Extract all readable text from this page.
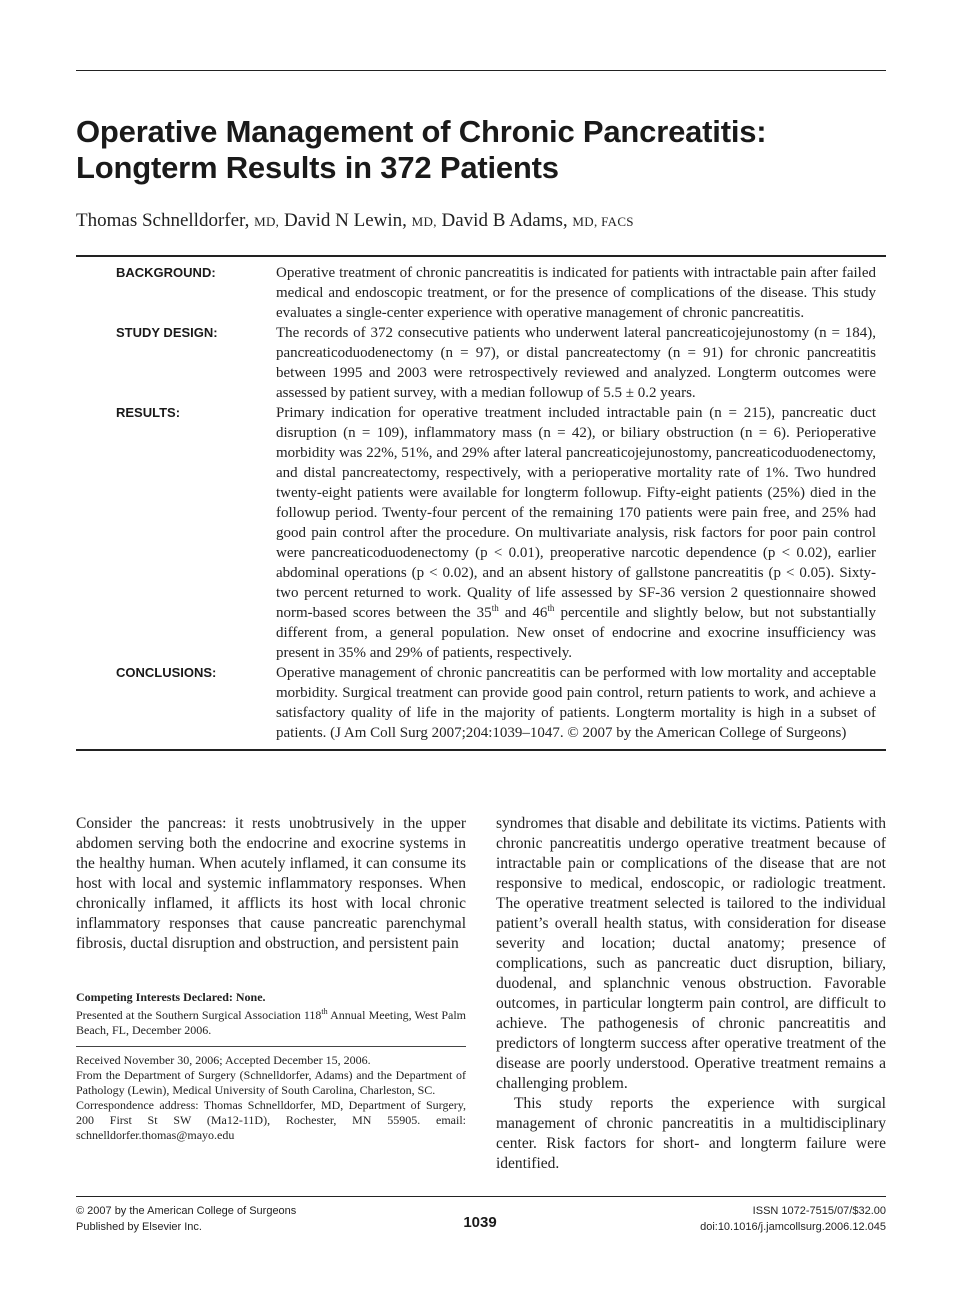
Operative Management of Chronic Pancreatitis:
Longterm Results in 372 Patients
Thomas Schnelldorfer, MD, David N Lewin, MD, David B Adams, MD, FACS
BACKGROUND:	Operative treatment of chronic pancreatitis is indicated for patients with intractable pain after failed medical and endoscopic treatment, or for the presence of complications of the disease. This study evaluates a single-center experience with operative management of chronic pancreatitis.
STUDY DESIGN:	The records of 372 consecutive patients who underwent lateral pancreaticojejunostomy (n = 184), pancreaticoduodenectomy (n = 97), or distal pancreatectomy (n = 91) for chronic pancreatitis between 1995 and 2003 were retrospectively reviewed and analyzed. Longterm outcomes were assessed by patient survey, with a median followup of 5.5 ± 0.2 years.
RESULTS:	Primary indication for operative treatment included intractable pain (n = 215), pancreatic duct disruption (n = 109), inflammatory mass (n = 42), or biliary obstruction (n = 6). Perioperative morbidity was 22%, 51%, and 29% after lateral pancreaticojejunostomy, pancreaticoduodenectomy, and distal pancreatectomy, respectively, with a perioperative mortality rate of 1%. Two hundred twenty-eight patients were available for longterm followup. Fifty-eight patients (25%) died in the followup period. Twenty-four percent of the remaining 170 patients were pain free, and 25% had good pain control after the procedure. On multivariate analysis, risk factors for poor pain control were pancreaticoduodenectomy (p < 0.01), preoperative narcotic dependence (p < 0.02), earlier abdominal operations (p < 0.02), and an absent history of gallstone pancreatitis (p < 0.05). Sixty-two percent returned to work. Quality of life assessed by SF-36 version 2 questionnaire showed norm-based scores between the 35th and 46th percentile and slightly below, but not substantially different from, a general population. New onset of endocrine and exocrine insufficiency was present in 35% and 29% of patients, respectively.
CONCLUSIONS:	Operative management of chronic pancreatitis can be performed with low mortality and acceptable morbidity. Surgical treatment can provide good pain control, return patients to work, and achieve a satisfactory quality of life in the majority of patients. Longterm mortality is high in a subset of patients. (J Am Coll Surg 2007;204:1039–1047. © 2007 by the American College of Surgeons)

Consider the pancreas: it rests unobtrusively in the upper abdomen serving both the endocrine and exocrine systems in the healthy human. When acutely inflamed, it can consume its host with local and systemic inflammatory responses. When chronically inflamed, it afflicts its host with local chronic inflammatory responses that cause pancreatic parenchymal fibrosis, ductal disruption and obstruction, and persistent pain

Competing Interests Declared: None.

Presented at the Southern Surgical Association 118th Annual Meeting, West Palm Beach, FL, December 2006.

Received November 30, 2006; Accepted December 15, 2006.

From the Department of Surgery (Schnelldorfer, Adams) and the Department of Pathology (Lewin), Medical University of South Carolina, Charleston, SC.

Correspondence address: Thomas Schnelldorfer, MD, Department of Surgery, 200 First St SW (Ma12-11D), Rochester, MN 55905. email: schnelldorfer.thomas@mayo.edu

syndromes that disable and debilitate its victims. Patients with chronic pancreatitis undergo operative treatment because of intractable pain or complications of the disease that are not responsive to medical, endoscopic, or radiologic treatment. The operative treatment selected is tailored to the individual patient’s overall health status, with consideration for disease severity and location; ductal anatomy; presence of complications, such as pancreatic duct disruption, biliary, duodenal, and splanchnic venous obstruction. Favorable outcomes, in particular longterm pain control, are difficult to achieve. The pathogenesis of chronic pancreatitis and predictors of longterm success after operative treatment of the disease are poorly understood. Operative treatment remains a challenging problem.

This study reports the experience with surgical management of chronic pancreatitis in a multidisciplinary center. Risk factors for short- and longterm failure were identified.

© 2007 by the American College of Surgeons
Published by Elsevier Inc.	1039
ISSN 1072-7515/07/$32.00
doi:10.1016/j.jamcollsurg.2006.12.045
